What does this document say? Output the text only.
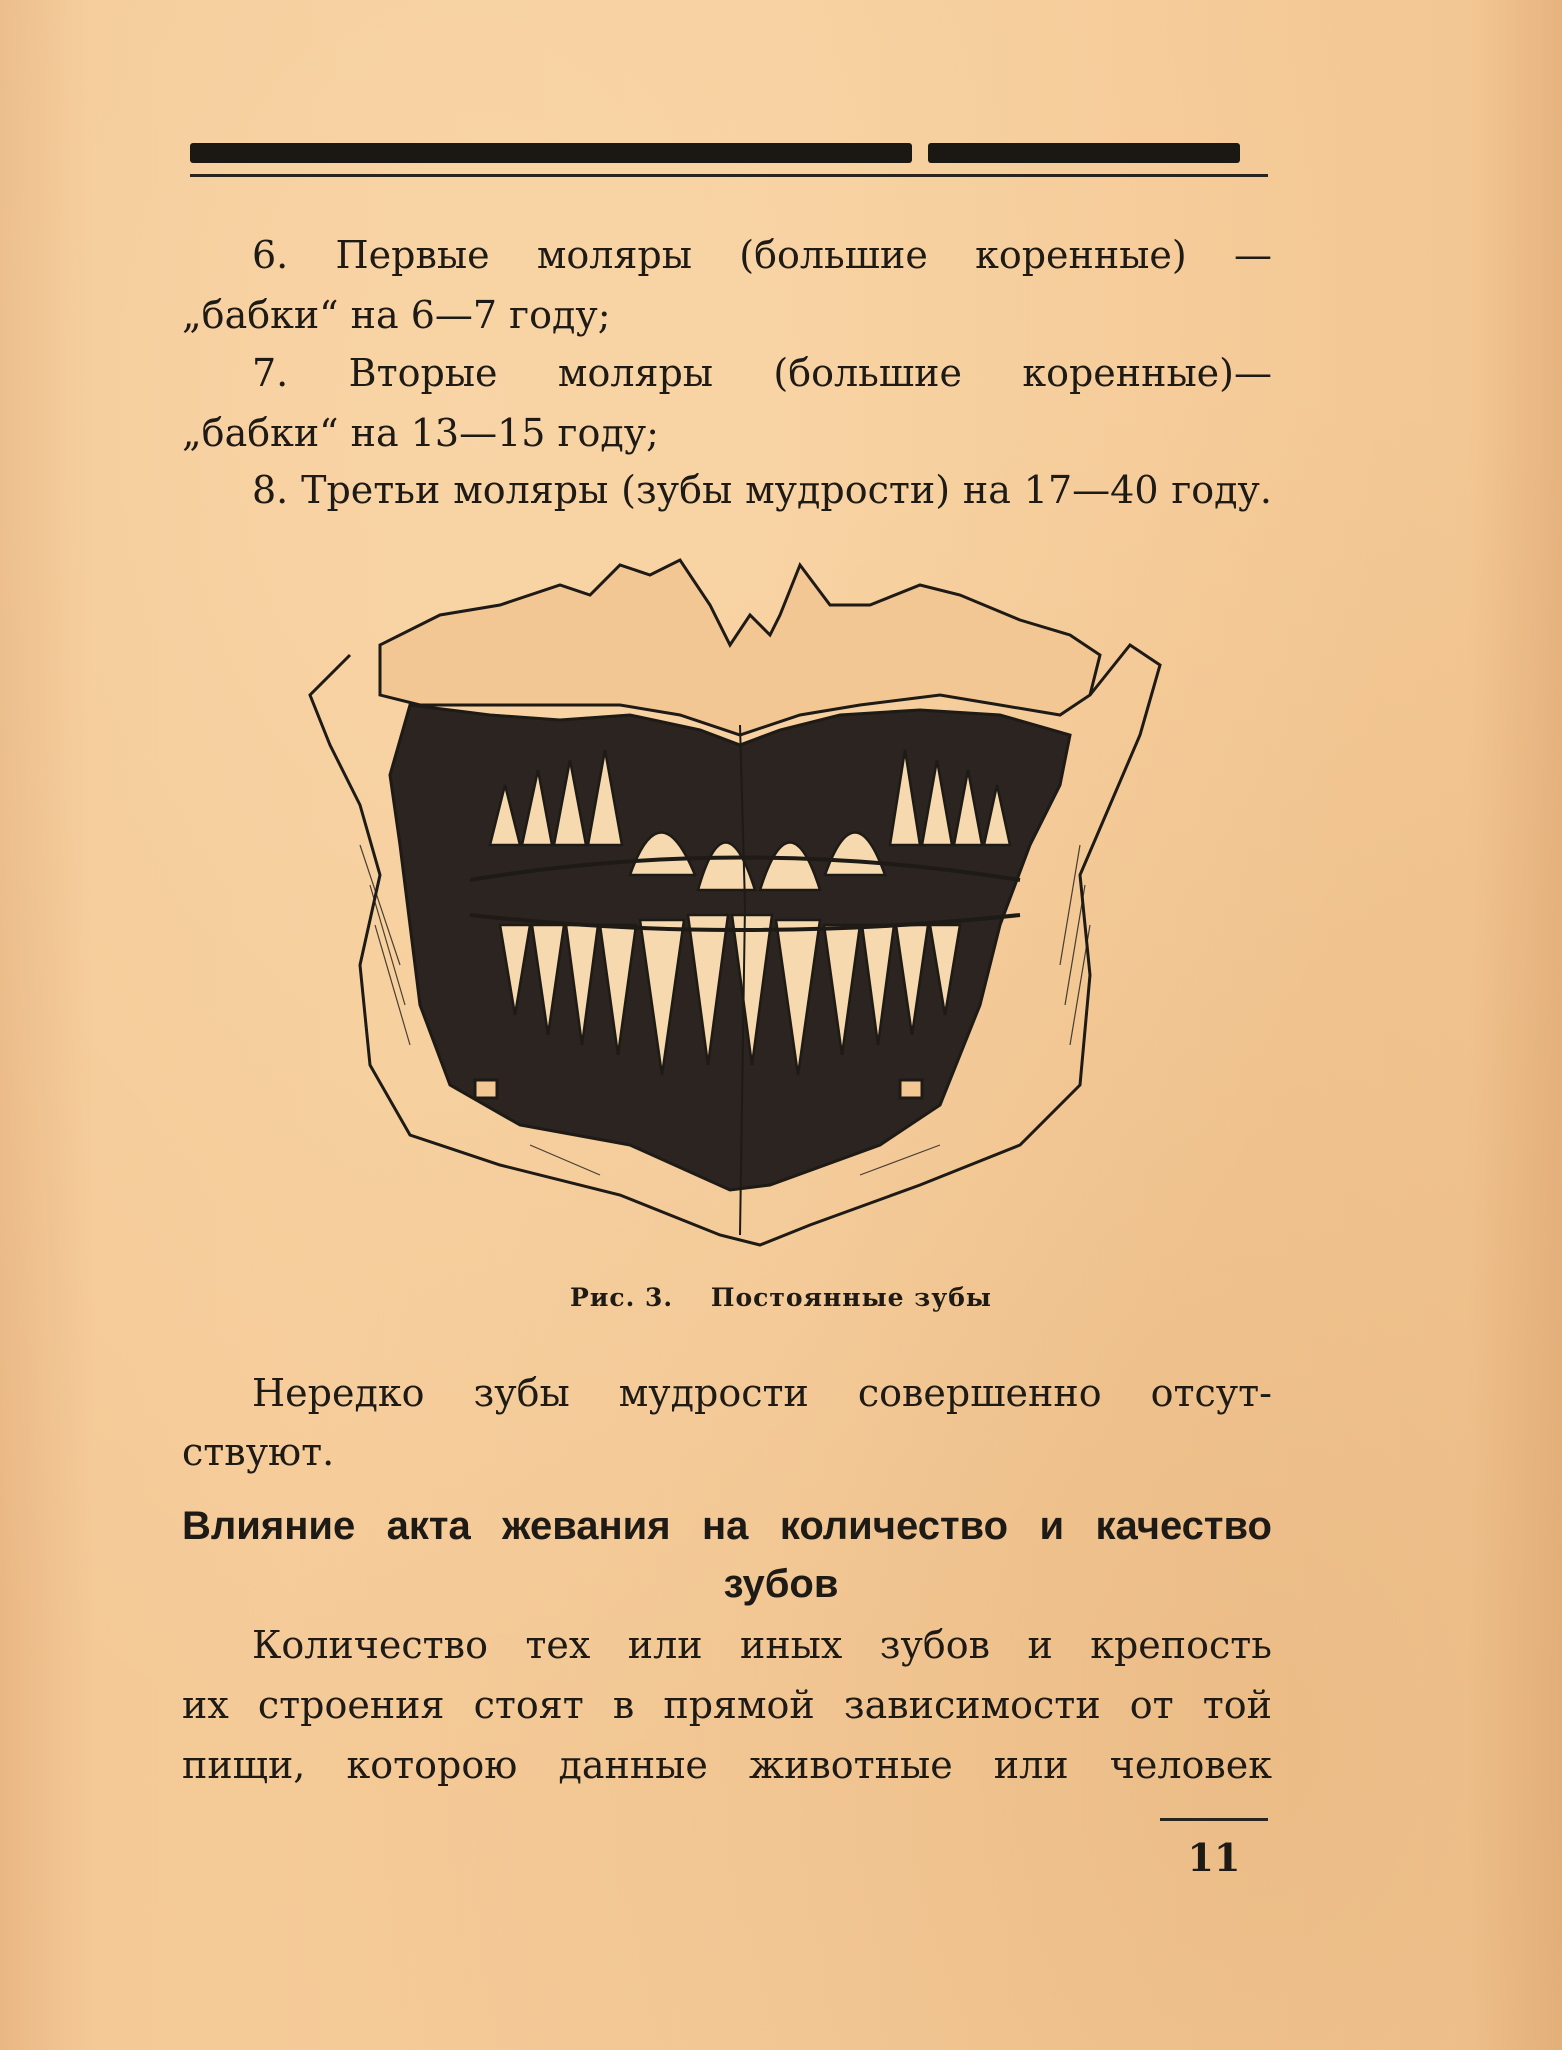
6. Первые моляры (большие коренные) —
„бабки“ на 6—7 году;
7. Вторые моляры (большие коренные)—
„бабки“ на 13—15 году;
8. Третьи моляры (зубы мудрости) на 17—40 году.
Рис. 3. Постоянные зубы
Нередко зубы мудрости совершенно отсут-
ствуют.
Влияние акта жевания на количество и качество
зубов
Количество тех или иных зубов и крепость
их строения стоят в прямой зависимости от той
пищи, которою данные животные или человек
11
